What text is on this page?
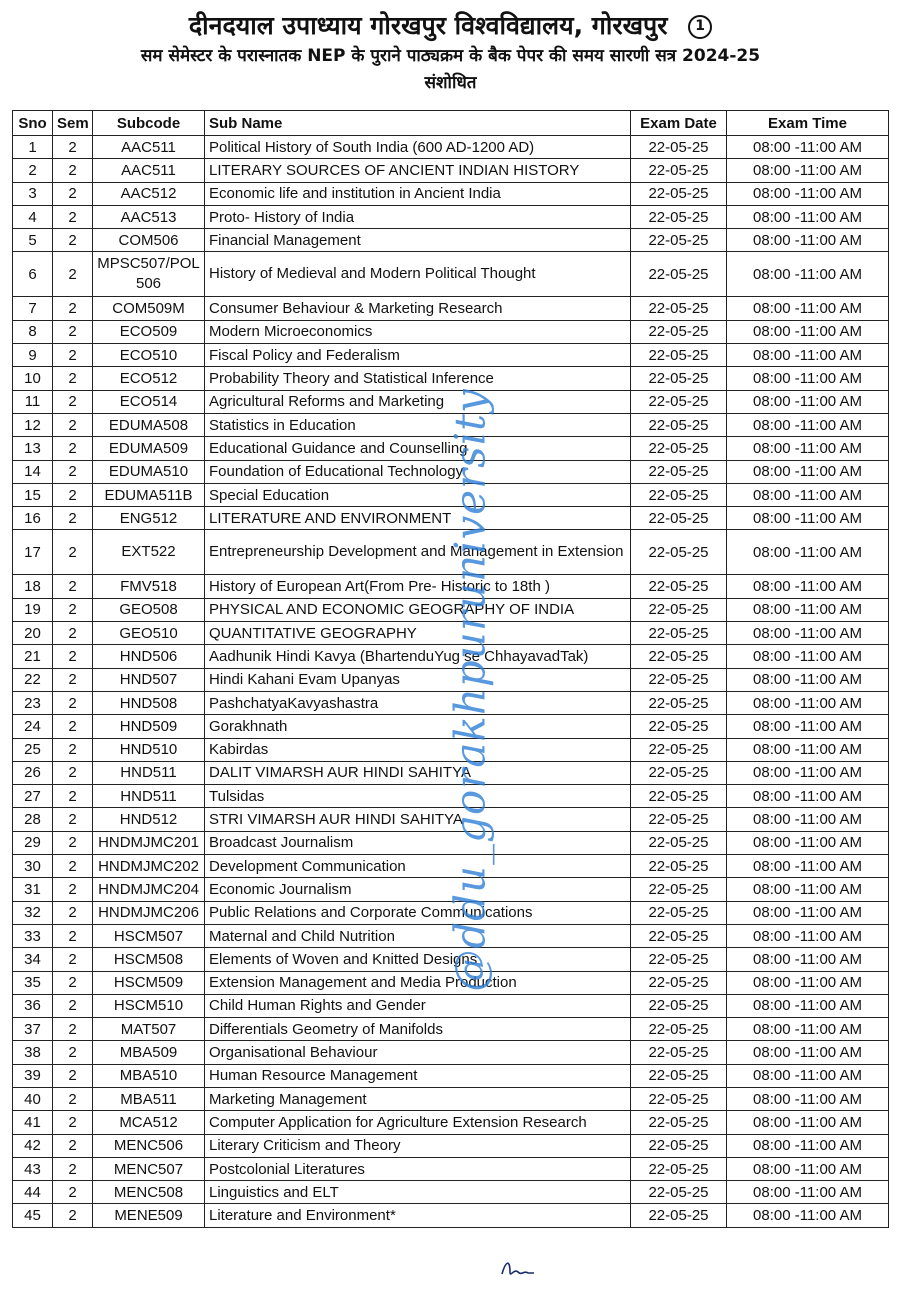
दीनदयाल उपाध्याय गोरखपुर विश्वविद्यालय, गोरखपुर 1
सम सेमेस्टर के परास्नातक NEP के पुराने पाठ्यक्रम के बैक पेपर की समय सारणी सत्र 2024-25
संशोधित
Sno	Sem	Subcode	Sub Name	Exam Date	Exam Time
1	2	AAC511	Political History of South India (600 AD-1200 AD)	22-05-25	08:00 -11:00 AM
2	2	AAC511	LITERARY SOURCES OF ANCIENT INDIAN HISTORY	22-05-25	08:00 -11:00 AM
3	2	AAC512	Economic life and institution in Ancient India	22-05-25	08:00 -11:00 AM
4	2	AAC513	Proto- History of India	22-05-25	08:00 -11:00 AM
5	2	COM506	Financial Management	22-05-25	08:00 -11:00 AM
6	2	MPSC507/POL 506	History of Medieval and Modern Political Thought	22-05-25	08:00 -11:00 AM
7	2	COM509M	Consumer Behaviour & Marketing Research	22-05-25	08:00 -11:00 AM
8	2	ECO509	Modern Microeconomics	22-05-25	08:00 -11:00 AM
9	2	ECO510	Fiscal Policy and Federalism	22-05-25	08:00 -11:00 AM
10	2	ECO512	Probability Theory and Statistical Inference	22-05-25	08:00 -11:00 AM
11	2	ECO514	Agricultural Reforms and Marketing	22-05-25	08:00 -11:00 AM
12	2	EDUMA508	Statistics in Education	22-05-25	08:00 -11:00 AM
13	2	EDUMA509	Educational Guidance and Counselling	22-05-25	08:00 -11:00 AM
14	2	EDUMA510	Foundation of Educational Technology	22-05-25	08:00 -11:00 AM
15	2	EDUMA511B	Special Education	22-05-25	08:00 -11:00 AM
16	2	ENG512	LITERATURE AND ENVIRONMENT	22-05-25	08:00 -11:00 AM
17	2	EXT522	Entrepreneurship Development and Management in Extension	22-05-25	08:00 -11:00 AM
18	2	FMV518	History of European Art(From Pre- Historic to 18th )	22-05-25	08:00 -11:00 AM
19	2	GEO508	PHYSICAL AND ECONOMIC GEOGRAPHY OF INDIA	22-05-25	08:00 -11:00 AM
20	2	GEO510	QUANTITATIVE GEOGRAPHY	22-05-25	08:00 -11:00 AM
21	2	HND506	Aadhunik Hindi Kavya (BhartenduYug se ChhayavadTak)	22-05-25	08:00 -11:00 AM
22	2	HND507	Hindi Kahani Evam Upanyas	22-05-25	08:00 -11:00 AM
23	2	HND508	PashchatyaKavyashastra	22-05-25	08:00 -11:00 AM
24	2	HND509	Gorakhnath	22-05-25	08:00 -11:00 AM
25	2	HND510	Kabirdas	22-05-25	08:00 -11:00 AM
26	2	HND511	DALIT VIMARSH AUR HINDI SAHITYA	22-05-25	08:00 -11:00 AM
27	2	HND511	Tulsidas	22-05-25	08:00 -11:00 AM
28	2	HND512	STRI VIMARSH AUR HINDI SAHITYA	22-05-25	08:00 -11:00 AM
29	2	HNDMJMC201	Broadcast Journalism	22-05-25	08:00 -11:00 AM
30	2	HNDMJMC202	Development Communication	22-05-25	08:00 -11:00 AM
31	2	HNDMJMC204	Economic Journalism	22-05-25	08:00 -11:00 AM
32	2	HNDMJMC206	Public Relations and Corporate Communications	22-05-25	08:00 -11:00 AM
33	2	HSCM507	Maternal and Child Nutrition	22-05-25	08:00 -11:00 AM
34	2	HSCM508	Elements of Woven and Knitted Designs	22-05-25	08:00 -11:00 AM
35	2	HSCM509	Extension Management and Media Production	22-05-25	08:00 -11:00 AM
36	2	HSCM510	Child Human Rights and Gender	22-05-25	08:00 -11:00 AM
37	2	MAT507	Differentials Geometry of Manifolds	22-05-25	08:00 -11:00 AM
38	2	MBA509	Organisational Behaviour	22-05-25	08:00 -11:00 AM
39	2	MBA510	Human Resource Management	22-05-25	08:00 -11:00 AM
40	2	MBA511	Marketing Management	22-05-25	08:00 -11:00 AM
41	2	MCA512	Computer Application for Agriculture Extension Research	22-05-25	08:00 -11:00 AM
42	2	MENC506	Literary Criticism and Theory	22-05-25	08:00 -11:00 AM
43	2	MENC507	Postcolonial Literatures	22-05-25	08:00 -11:00 AM
44	2	MENC508	Linguistics and ELT	22-05-25	08:00 -11:00 AM
45	2	MENE509	Literature and Environment*	22-05-25	08:00 -11:00 AM
@ddu_gorakhpuruniversity
